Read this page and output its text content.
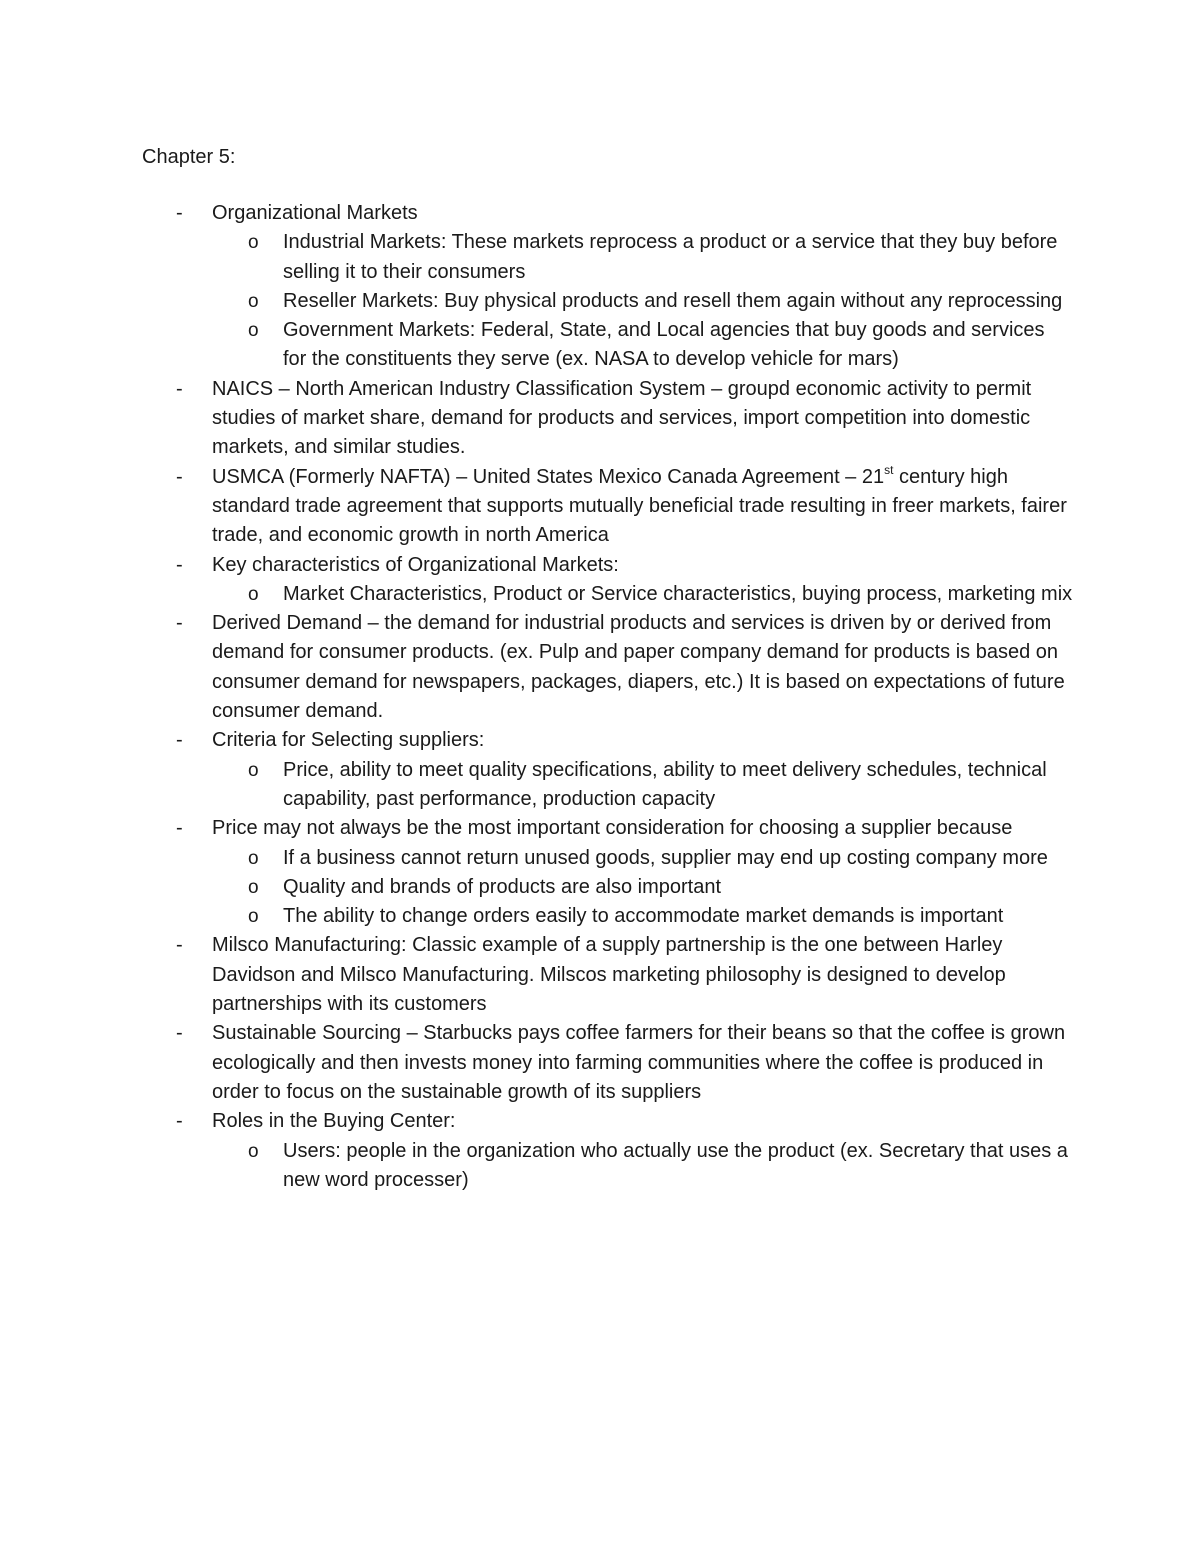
Chapter 5:
- Organizational Markets
o Industrial Markets: These markets reprocess a product or a service that they buy before selling it to their consumers
o Reseller Markets: Buy physical products and resell them again without any reprocessing
o Government Markets: Federal, State, and Local agencies that buy goods and services for the constituents they serve (ex. NASA to develop vehicle for mars)
- NAICS – North American Industry Classification System – groupd economic activity to permit studies of market share, demand for products and services, import competition into domestic markets, and similar studies.
- USMCA (Formerly NAFTA) – United States Mexico Canada Agreement – 21st century high standard trade agreement that supports mutually beneficial trade resulting in freer markets, fairer trade, and economic growth in north America
- Key characteristics of Organizational Markets:
o Market Characteristics, Product or Service characteristics, buying process, marketing mix
- Derived Demand – the demand for industrial products and services is driven by or derived from demand for consumer products. (ex. Pulp and paper company demand for products is based on consumer demand for newspapers, packages, diapers, etc.) It is based on expectations of future consumer demand.
- Criteria for Selecting suppliers:
o Price, ability to meet quality specifications, ability to meet delivery schedules, technical capability, past performance, production capacity
- Price may not always be the most important consideration for choosing a supplier because
o If a business cannot return unused goods, supplier may end up costing company more
o Quality and brands of products are also important
o The ability to change orders easily to accommodate market demands is important
- Milsco Manufacturing: Classic example of a supply partnership is the one between Harley Davidson and Milsco Manufacturing. Milscos marketing philosophy is designed to develop partnerships with its customers
- Sustainable Sourcing – Starbucks pays coffee farmers for their beans so that the coffee is grown ecologically and then invests money into farming communities where the coffee is produced in order to focus on the sustainable growth of its suppliers
- Roles in the Buying Center:
o Users: people in the organization who actually use the product (ex. Secretary that uses a new word processer)
